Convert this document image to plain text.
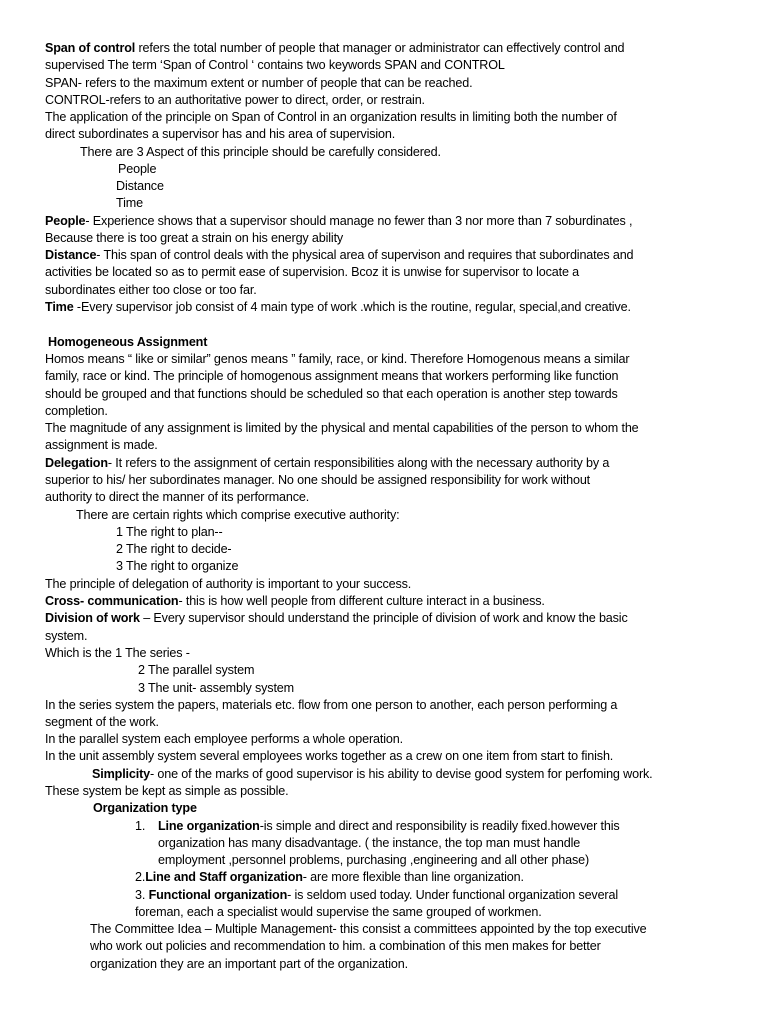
Span of control refers the total number of people that manager or administrator can effectively control and
supervised The term ‘Span of Control ‘ contains two keywords SPAN and CONTROL
SPAN- refers to the maximum extent or number of people that can be reached.
CONTROL-refers to an authoritative power to direct, order, or restrain.
The application of the principle on Span of Control in an organization results in limiting both the number of
direct subordinates a supervisor has and his area of supervision.
There are 3 Aspect of this principle should be carefully considered.
People
Distance
Time
People- Experience shows that a supervisor should manage no fewer than 3 nor more than 7 soburdinates ,
Because there is too great a strain on his energy ability
Distance- This span of control deals with the physical area of supervison and requires that subordinates and
activities be located so as to permit ease of supervision. Bcoz it is unwise for supervisor to locate a
subordinates either too close or too far.
Time -Every supervisor job consist of 4 main type of work .which is the routine, regular, special,and creative.
Homogeneous Assignment
Homos means “ like or similar” genos means ” family, race, or kind. Therefore Homogenous means a similar
family, race or kind. The principle of homogenous assignment means that workers performing like function
should be grouped and that functions should be scheduled so that each operation is another step towards
completion.
The magnitude of any assignment is limited by the physical and mental capabilities of the person to whom the
assignment is made.
Delegation- It refers to the assignment of certain responsibilities along with the necessary authority by a
superior to his/ her subordinates manager. No one should be assigned responsibility for work without
authority to direct the manner of its performance.
There are certain rights which comprise executive authority:
1 The right to plan--
2 The right to decide-
3 The right to organize
The principle of delegation of authority is important to your success.
Cross- communication- this is how well people from different culture interact in a business.
Division of work – Every supervisor should understand the principle of division of work and know the basic
system.
Which is the 1 The series -
2 The parallel system
3 The unit- assembly system
In the series system the papers, materials etc. flow from one person to another, each person performing a
segment of the work.
In the parallel system each employee performs a whole operation.
In the unit assembly system several employees works together as a crew on one item from start to finish.
Simplicity- one of the marks of good supervisor is his ability to devise good system for perfoming work.
These system be kept as simple as possible.
Organization type
1. Line organization-is simple and direct and responsibility is readily fixed.however this
organization has many disadvantage. ( the instance, the top man must handle
employment ,personnel problems, purchasing ,engineering and all other phase)
2.Line and Staff organization- are more flexible than line organization.
3. Functional organization- is seldom used today. Under functional organization several
foreman, each a specialist would supervise the same grouped of workmen.
The Committee Idea – Multiple Management- this consist a committees appointed by the top executive
who work out policies and recommendation to him. a combination of this men makes for better
organization they are an important part of the organization.
